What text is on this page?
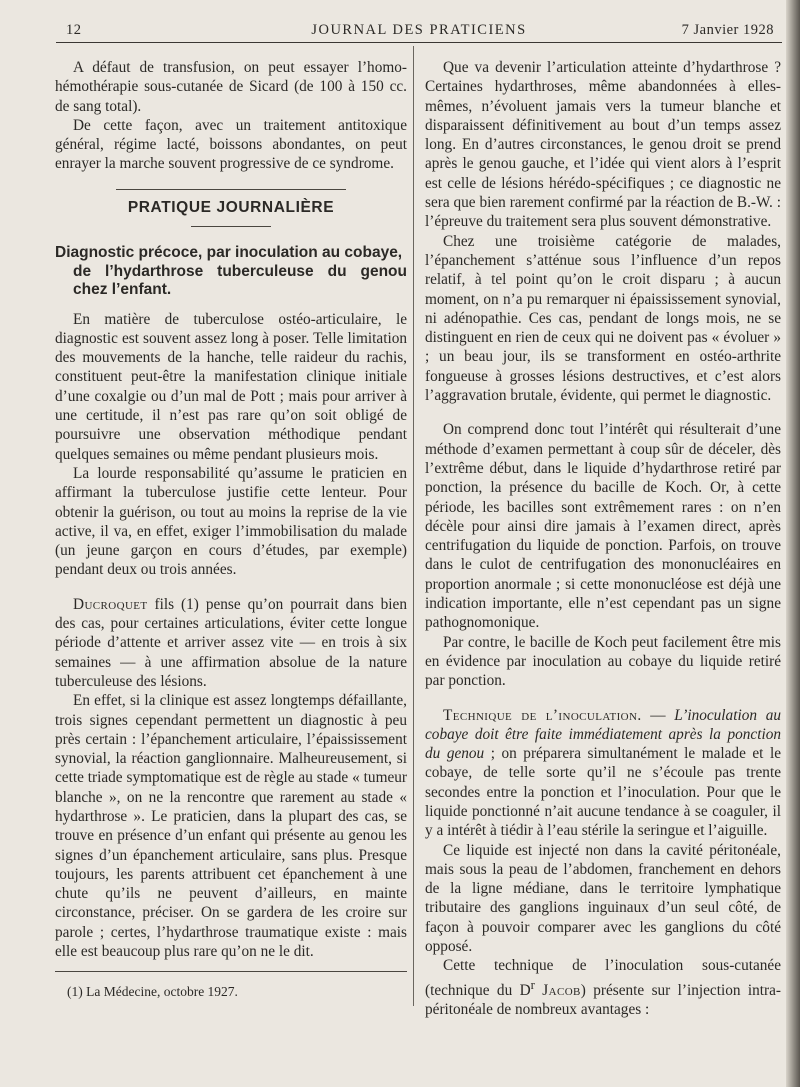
12	JOURNAL DES PRATICIENS	7 Janvier 1928

A défaut de transfusion, on peut essayer l’homo-hémothérapie sous-cutanée de Sicard (de 100 à 150 cc. de sang total).

De cette façon, avec un traitement antitoxique général, régime lacté, boissons abondantes, on peut enrayer la marche souvent progressive de ce syndrome.

PRATIQUE JOURNALIÈRE
Diagnostic précoce, par inoculation au cobaye,
de l’hydarthrose tuberculeuse du genou chez l’enfant.

En matière de tuberculose ostéo-articulaire, le diagnostic est souvent assez long à poser. Telle limitation des mouvements de la hanche, telle raideur du rachis, constituent peut-être la manifestation clinique initiale d’une coxalgie ou d’un mal de Pott ; mais pour arriver à une certitude, il n’est pas rare qu’on soit obligé de poursuivre une observation méthodique pendant quelques semaines ou même pendant plusieurs mois.

La lourde responsabilité qu’assume le praticien en affirmant la tuberculose justifie cette lenteur. Pour obtenir la guérison, ou tout au moins la reprise de la vie active, il va, en effet, exiger l’immobilisation du malade (un jeune garçon en cours d’études, par exemple) pendant deux ou trois années.

Ducroquet fils (1) pense qu’on pourrait dans bien des cas, pour certaines articulations, éviter cette longue période d’attente et arriver assez vite — en trois à six semaines — à une affirmation absolue de la nature tuberculeuse des lésions.

En effet, si la clinique est assez longtemps défaillante, trois signes cependant permettent un diagnostic à peu près certain : l’épanchement articulaire, l’épaississement synovial, la réaction ganglionnaire. Malheureusement, si cette triade symptomatique est de règle au stade « tumeur blanche », on ne la rencontre que rarement au stade « hydarthrose ». Le praticien, dans la plupart des cas, se trouve en présence d’un enfant qui présente au genou les signes d’un épanchement articulaire, sans plus. Presque toujours, les parents attribuent cet épanchement à une chute qu’ils ne peuvent d’ailleurs, en mainte circonstance, préciser. On se gardera de les croire sur parole ; certes, l’hydarthrose traumatique existe : mais elle est beaucoup plus rare qu’on ne le dit.

(1) La Médecine, octobre 1927.

Que va devenir l’articulation atteinte d’hydarthrose ? Certaines hydarthroses, même abandonnées à elles-mêmes, n’évoluent jamais vers la tumeur blanche et disparaissent définitivement au bout d’un temps assez long. En d’autres circonstances, le genou droit se prend après le genou gauche, et l’idée qui vient alors à l’esprit est celle de lésions hérédo-spécifiques ; ce diagnostic ne sera que bien rarement confirmé par la réaction de B.-W. : l’épreuve du traitement sera plus souvent démonstrative.

Chez une troisième catégorie de malades, l’épanchement s’atténue sous l’influence d’un repos relatif, à tel point qu’on le croit disparu ; à aucun moment, on n’a pu remarquer ni épaississement synovial, ni adénopathie. Ces cas, pendant de longs mois, ne se distinguent en rien de ceux qui ne doivent pas « évoluer » ; un beau jour, ils se transforment en ostéo-arthrite fongueuse à grosses lésions destructives, et c’est alors l’aggravation brutale, évidente, qui permet le diagnostic.

On comprend donc tout l’intérêt qui résulterait d’une méthode d’examen permettant à coup sûr de déceler, dès l’extrême début, dans le liquide d’hydarthrose retiré par ponction, la présence du bacille de Koch. Or, à cette période, les bacilles sont extrêmement rares : on n’en décèle pour ainsi dire jamais à l’examen direct, après centrifugation du liquide de ponction. Parfois, on trouve dans le culot de centrifugation des mononucléaires en proportion anormale ; si cette mononucléose est déjà une indication importante, elle n’est cependant pas un signe pathognomonique.

Par contre, le bacille de Koch peut facilement être mis en évidence par inoculation au cobaye du liquide retiré par ponction.

Technique de l’inoculation. — L’inoculation au cobaye doit être faite immédiatement après la ponction du genou ; on préparera simultanément le malade et le cobaye, de telle sorte qu’il ne s’écoule pas trente secondes entre la ponction et l’inoculation. Pour que le liquide ponctionné n’ait aucune tendance à se coaguler, il y a intérêt à tiédir à l’eau stérile la seringue et l’aiguille.

Ce liquide est injecté non dans la cavité péritonéale, mais sous la peau de l’abdomen, franchement en dehors de la ligne médiane, dans le territoire lymphatique tributaire des ganglions inguinaux d’un seul côté, de façon à pouvoir comparer avec les ganglions du côté opposé.

Cette technique de l’inoculation sous-cutanée (technique du $D^r$ Jacob) présente sur l’injection intra-péritonéale de nombreux avantages :
